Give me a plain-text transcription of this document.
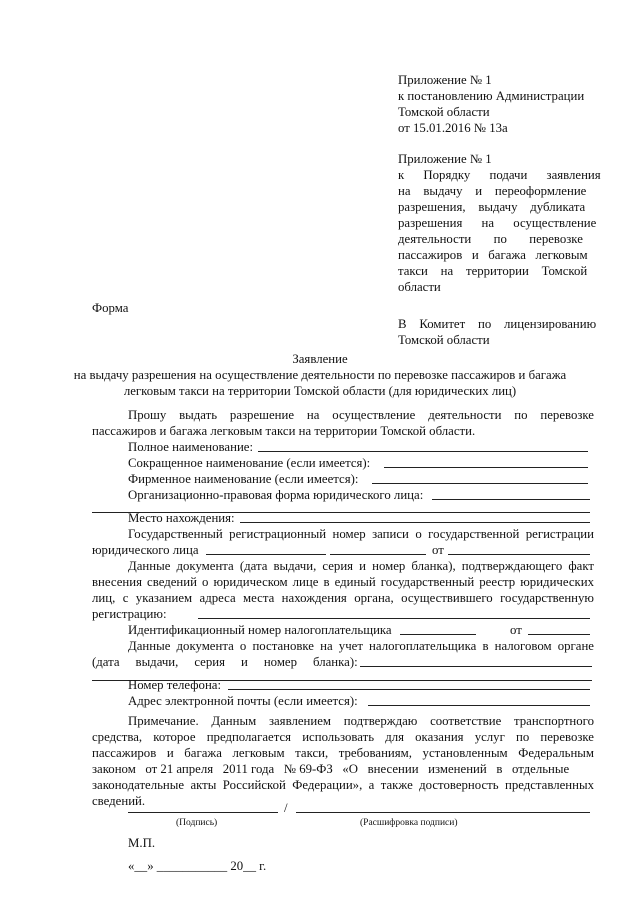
Приложение № 1
к постановлению Администрации
Томской области
от 15.01.2016 № 13а
Приложение № 1
к      Порядку      подачи      заявления
на    выдачу    и    переоформление
разрешения,    выдачу    дубликата
разрешения      на      осуществление
деятельности       по       перевозке
пассажиров   и   багажа   легковым
такси    на    территории    Томской
области
Форма
В    Комитет    по    лицензированию
Томской области
Заявление
на выдачу разрешения на осуществление деятельности по перевозке пассажиров и багажа
легковым такси на территории Томской области (для юридических лиц)
Прошу выдать разрешение на осуществление деятельности по перевозке
пассажиров и багажа легковым такси на территории Томской области.
Полное наименование:
Сокращенное наименование (если имеется):
Фирменное наименование (если имеется):
Организационно-правовая форма юридического лица:
Место нахождения:
Государственный регистрационный номер записи о государственной регистрации
юридического лица	от
Данные документа (дата выдачи, серия и номер бланка), подтверждающего факт
внесения сведений о юридическом лице в единый государственный реестр юридических
лиц, с указанием адреса места нахождения органа, осуществившего государственную
регистрацию:
Идентификационный номер налогоплательщика	от
Данные документа о постановке на учет налогоплательщика в налоговом органе
(дата     выдачи,     серия     и     номер     бланка):
Номер телефона:
Адрес электронной почты (если имеется):
Примечание. Данным заявлением подтверждаю соответствие транспортного
средства, которое предполагается использовать для оказания услуг по перевозке
пассажиров и багажа легковым такси, требованиям, установленным Федеральным
законом   от 21 апреля   2011 года   № 69-ФЗ   «О   внесении   изменений   в   отдельные
законодательные акты Российской Федерации», а также достоверность представленных
сведений.	/
(Подпись)	(Расшифровка подписи)
М.П.
«__» ___________ 20__ г.
